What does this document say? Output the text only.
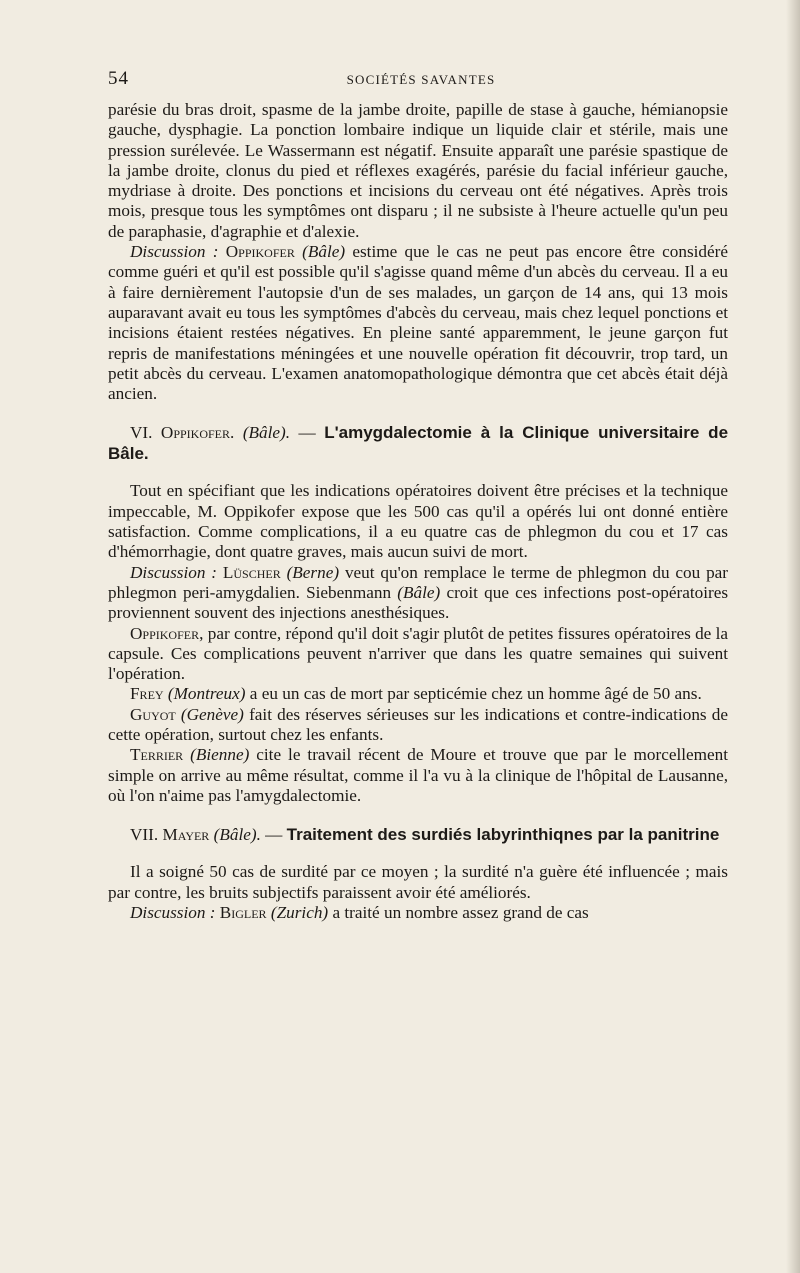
54	SOCIÉTÉS SAVANTES

parésie du bras droit, spasme de la jambe droite, papille de stase à gauche, hémianopsie gauche, dysphagie. La ponction lombaire indique un liquide clair et stérile, mais une pression surélevée. Le Wassermann est négatif. Ensuite apparaît une parésie spastique de la jambe droite, clonus du pied et réflexes exagérés, parésie du facial inférieur gauche, mydriase à droite. Des ponctions et incisions du cerveau ont été négatives. Après trois mois, presque tous les symptômes ont disparu ; il ne subsiste à l'heure actuelle qu'un peu de paraphasie, d'agraphie et d'alexie.

Discussion : Oppikofer (Bâle) estime que le cas ne peut pas encore être considéré comme guéri et qu'il est possible qu'il s'agisse quand même d'un abcès du cerveau. Il a eu à faire dernièrement l'autopsie d'un de ses malades, un garçon de 14 ans, qui 13 mois auparavant avait eu tous les symptômes d'abcès du cerveau, mais chez lequel ponctions et incisions étaient restées négatives. En pleine santé apparemment, le jeune garçon fut repris de manifestations méningées et une nouvelle opération fit découvrir, trop tard, un petit abcès du cerveau. L'examen anatomopathologique démontra que cet abcès était déjà ancien.

VI. Oppikofer. (Bâle). — L'amygdalectomie à la Clinique universitaire de Bâle.

Tout en spécifiant que les indications opératoires doivent être précises et la technique impeccable, M. Oppikofer expose que les 500 cas qu'il a opérés lui ont donné entière satisfaction. Comme complications, il a eu quatre cas de phlegmon du cou et 17 cas d'hémorrhagie, dont quatre graves, mais aucun suivi de mort.

Discussion : Lüscher (Berne) veut qu'on remplace le terme de phlegmon du cou par phlegmon peri-amygdalien. Siebenmann (Bâle) croit que ces infections post-opératoires proviennent souvent des injections anesthésiques.

Oppikofer, par contre, répond qu'il doit s'agir plutôt de petites fissures opératoires de la capsule. Ces complications peuvent n'arriver que dans les quatre semaines qui suivent l'opération.

Frey (Montreux) a eu un cas de mort par septicémie chez un homme âgé de 50 ans.

Guyot (Genève) fait des réserves sérieuses sur les indications et contre-indications de cette opération, surtout chez les enfants.

Terrier (Bienne) cite le travail récent de Moure et trouve que par le morcellement simple on arrive au même résultat, comme il l'a vu à la clinique de l'hôpital de Lausanne, où l'on n'aime pas l'amygdalectomie.

VII. Mayer (Bâle). — Traitement des surdiés labyrinthiqnes par la panitrine

Il a soigné 50 cas de surdité par ce moyen ; la surdité n'a guère été influencée ; mais par contre, les bruits subjectifs paraissent avoir été améliorés.

Discussion : Bigler (Zurich) a traité un nombre assez grand de cas
